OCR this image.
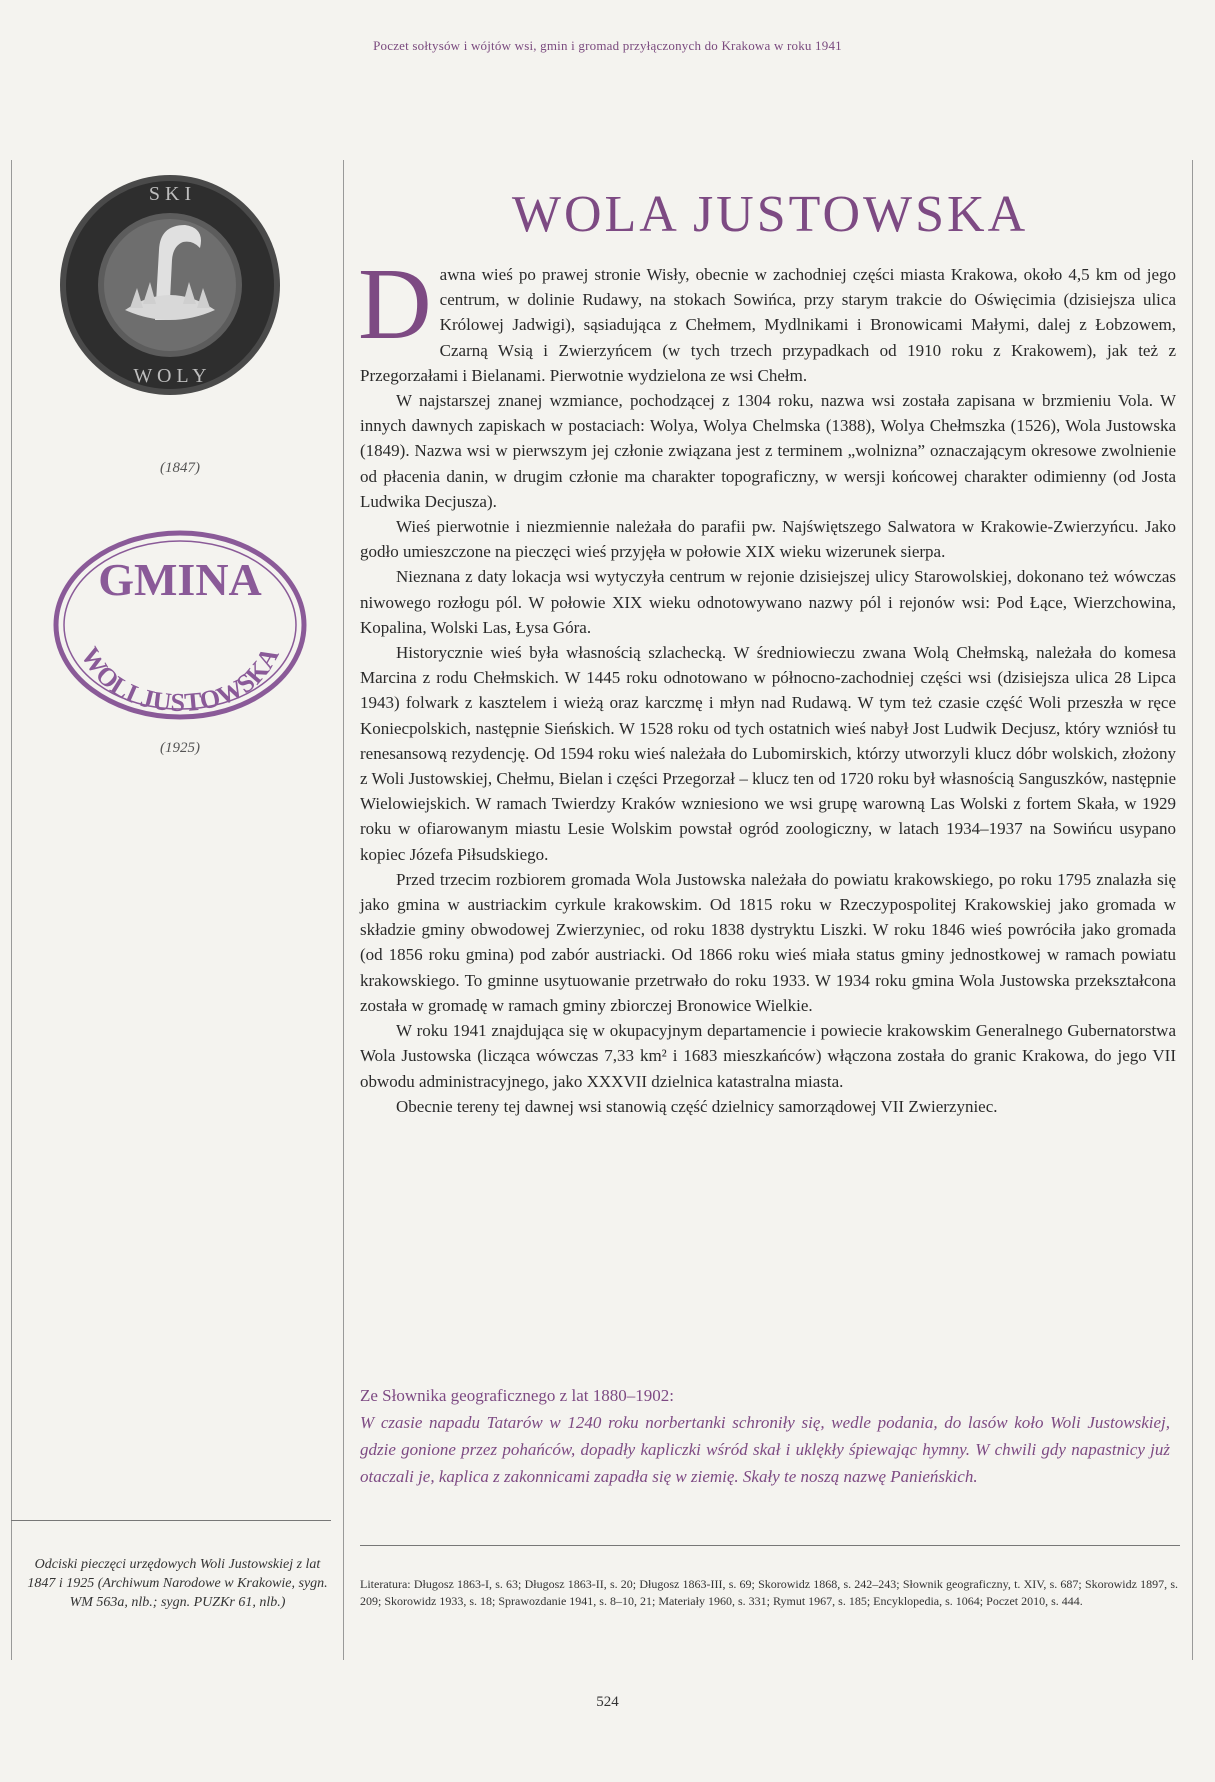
Poczet sołtysów i wójtów wsi, gmin i gromad przyłączonych do Krakowa w roku 1941
S K I
W O L Y
(1847)
GMINA
WOLI JUSTOWSKA
(1925)
Odciski pieczęci urzędowych Woli Justowskiej z lat 1847 i 1925 (Archiwum Narodowe w Krakowie, sygn. WM 563a, nlb.; sygn. PUZKr 61, nlb.)
WOLA JUSTOWSKA

Dawna wieś po prawej stronie Wisły, obecnie w zachodniej części miasta Krakowa, około 4,5 km od jego centrum, w dolinie Rudawy, na stokach Sowińca, przy starym trakcie do Oświęcimia (dzisiejsza ulica Królowej Jadwigi), sąsiadująca z Chełmem, Mydlnikami i Bronowicami Małymi, dalej z Łobzowem, Czarną Wsią i Zwierzyńcem (w tych trzech przypadkach od 1910 roku z Krakowem), jak też z Przegorzałami i Bielanami. Pierwotnie wydzielona ze wsi Chełm.

W najstarszej znanej wzmiance, pochodzącej z 1304 roku, nazwa wsi została zapisana w brzmieniu Vola. W innych dawnych zapiskach w postaciach: Wolya, Wolya Chelmska (1388), Wolya Chełmszka (1526), Wola Justowska (1849). Nazwa wsi w pierwszym jej członie związana jest z terminem „wolnizna” oznaczającym okresowe zwolnienie od płacenia danin, w drugim członie ma charakter topograficzny, w wersji końcowej charakter odimienny (od Josta Ludwika Decjusza).

Wieś pierwotnie i niezmiennie należała do parafii pw. Najświętszego Salwatora w Krakowie-Zwierzyńcu. Jako godło umieszczone na pieczęci wieś przyjęła w połowie XIX wieku wizerunek sierpa.

Nieznana z daty lokacja wsi wytyczyła centrum w rejonie dzisiejszej ulicy Starowolskiej, dokonano też wówczas niwowego rozłogu pól. W połowie XIX wieku odnotowywano nazwy pól i rejonów wsi: Pod Łące, Wierzchowina, Kopalina, Wolski Las, Łysa Góra.

Historycznie wieś była własnością szlachecką. W średniowieczu zwana Wolą Chełmską, należała do komesa Marcina z rodu Chełmskich. W 1445 roku odnotowano w północno-zachodniej części wsi (dzisiejsza ulica 28 Lipca 1943) folwark z kasztelem i wieżą oraz karczmę i młyn nad Rudawą. W tym też czasie część Woli przeszła w ręce Koniecpolskich, następnie Sieńskich. W 1528 roku od tych ostatnich wieś nabył Jost Ludwik Decjusz, który wzniósł tu renesansową rezydencję. Od 1594 roku wieś należała do Lubomirskich, którzy utworzyli klucz dóbr wolskich, złożony z Woli Justowskiej, Chełmu, Bielan i części Przegorzał – klucz ten od 1720 roku był własnością Sanguszków, następnie Wielowiejskich. W ramach Twierdzy Kraków wzniesiono we wsi grupę warowną Las Wolski z fortem Skała, w 1929 roku w ofiarowanym miastu Lesie Wolskim powstał ogród zoologiczny, w latach 1934–1937 na Sowińcu usypano kopiec Józefa Piłsudskiego.

Przed trzecim rozbiorem gromada Wola Justowska należała do powiatu krakowskiego, po roku 1795 znalazła się jako gmina w austriackim cyrkule krakowskim. Od 1815 roku w Rzeczypospolitej Krakowskiej jako gromada w składzie gminy obwodowej Zwierzyniec, od roku 1838 dystryktu Liszki. W roku 1846 wieś powróciła jako gromada (od 1856 roku gmina) pod zabór austriacki. Od 1866 roku wieś miała status gminy jednostkowej w ramach powiatu krakowskiego. To gminne usytuowanie przetrwało do roku 1933. W 1934 roku gmina Wola Justowska przekształcona została w gromadę w ramach gminy zbiorczej Bronowice Wielkie.

W roku 1941 znajdująca się w okupacyjnym departamencie i powiecie krakowskim Generalnego Gubernatorstwa Wola Justowska (licząca wówczas 7,33 km² i 1683 mieszkańców) włączona została do granic Krakowa, do jego VII obwodu administracyjnego, jako XXXVII dzielnica katastralna miasta.

Obecnie tereny tej dawnej wsi stanowią część dzielnicy samorządowej VII Zwierzyniec.

Ze Słownika geograficznego z lat 1880–1902:
W czasie napadu Tatarów w 1240 roku norbertanki schroniły się, wedle podania, do lasów koło Woli Justowskiej, gdzie gonione przez pohańców, dopadły kapliczki wśród skał i uklękły śpiewając hymny. W chwili gdy napastnicy już otaczali je, kaplica z zakonnicami zapadła się w ziemię. Skały te noszą nazwę Panieńskich.
Literatura: Długosz 1863-I, s. 63; Długosz 1863-II, s. 20; Długosz 1863-III, s. 69; Skorowidz 1868, s. 242–243; Słownik geograficzny, t. XIV, s. 687; Skorowidz 1897, s. 209; Skorowidz 1933, s. 18; Sprawozdanie 1941, s. 8–10, 21; Materiały 1960, s. 331; Rymut 1967, s. 185; Encyklopedia, s. 1064; Poczet 2010, s. 444.
524
